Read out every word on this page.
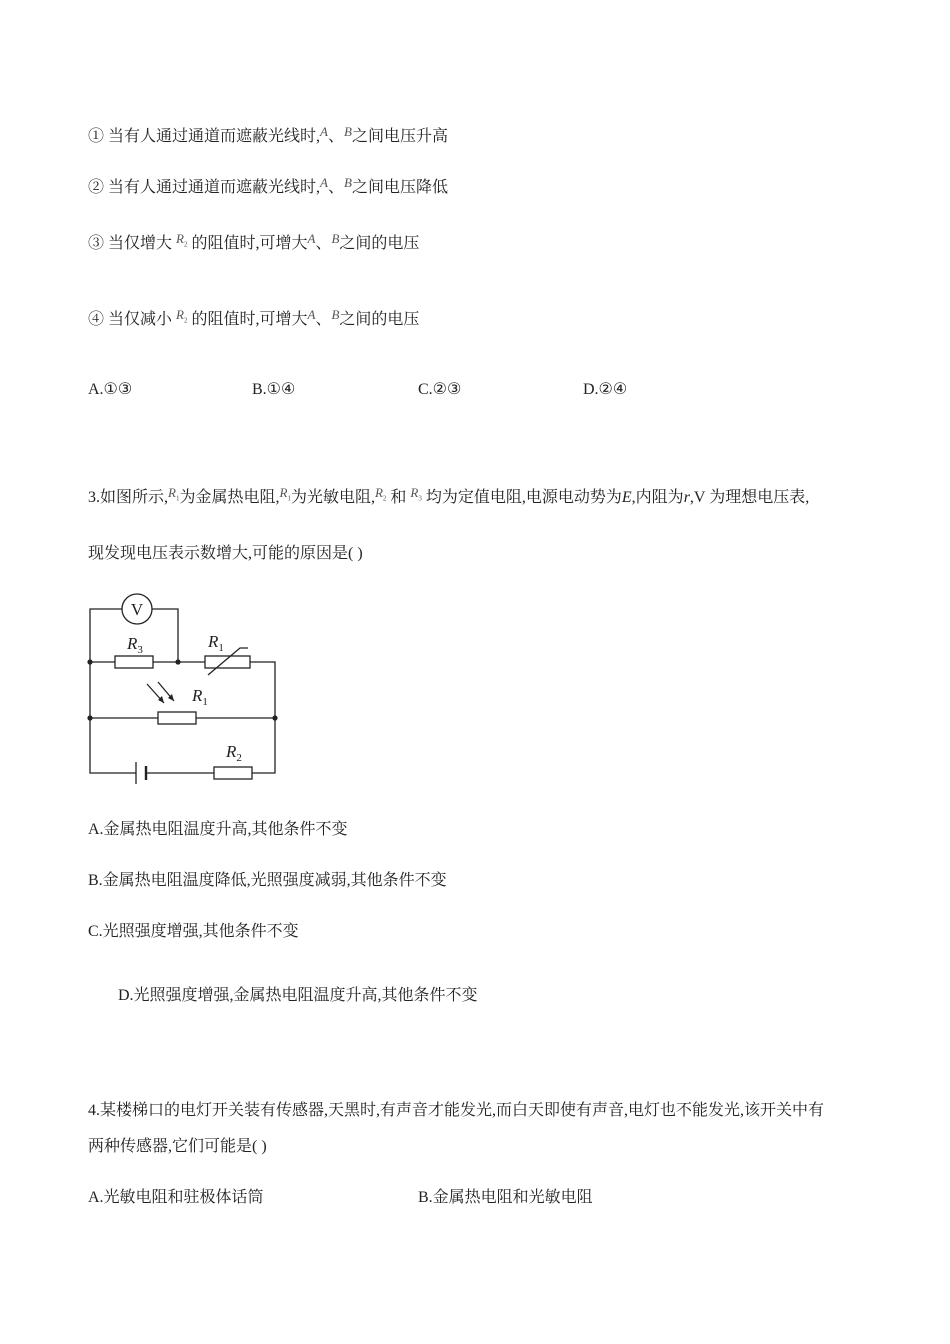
① 当有人通过通道而遮蔽光线时,$^A$、$^B$之间电压升高
② 当有人通过通道而遮蔽光线时,$^A$、$^B$之间电压降低
③ 当仅增大 $^{R_2}$ 的阻值时,可增大$^A$、$^B$之间的电压
④ 当仅减小 $^{R_2}$ 的阻值时,可增大$^A$、$^B$之间的电压
A.①③	B.①④	C.②③	D.②④
3.如图所示,$^{R_1}$为金属热电阻,$^{R_1}$为光敏电阻,$^{R_2}$ 和 $^{R_3}$ 均为定值电阻,电源电动势为E,内阻为r,V 为理想电压表,
现发现电压表示数增大,可能的原因是( )
V
$R_3$	$R_1$
$R_1$
$R_2$
A.金属热电阻温度升高,其他条件不变
B.金属热电阻温度降低,光照强度减弱,其他条件不变
C.光照强度增强,其他条件不变
D.光照强度增强,金属热电阻温度升高,其他条件不变
4.某楼梯口的电灯开关装有传感器,天黑时,有声音才能发光,而白天即使有声音,电灯也不能发光,该开关中有
两种传感器,它们可能是( )
A.光敏电阻和驻极体话筒	B.金属热电阻和光敏电阻
